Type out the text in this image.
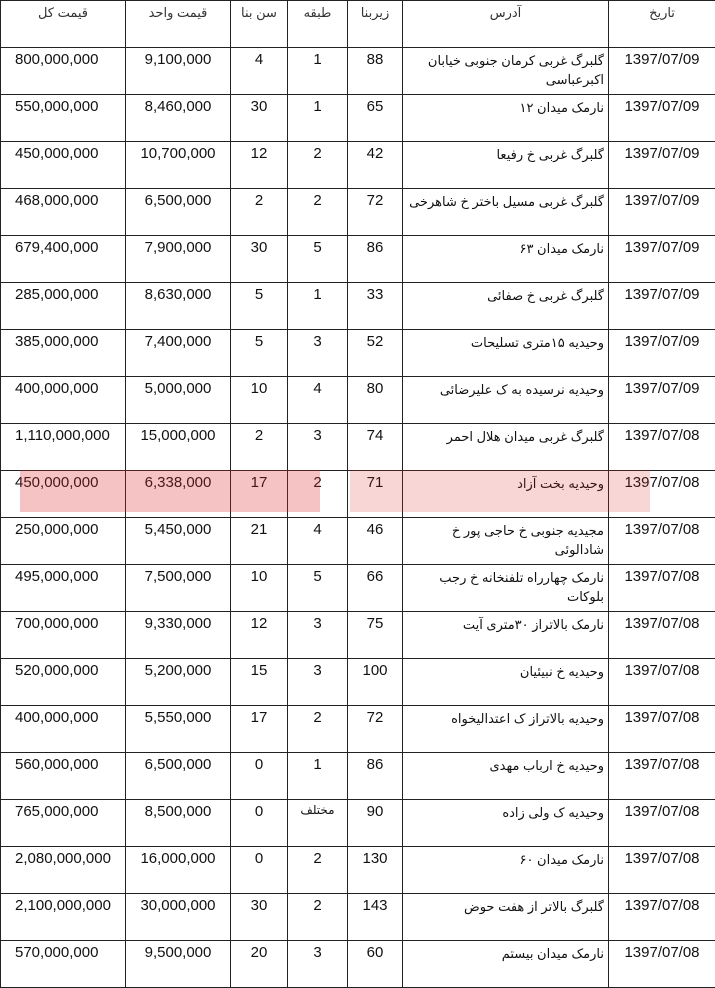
قیمت کل	قیمت واحد	سن بنا	طبقه	زیربنا	آدرس	تاریخ
800,000,000	9,100,000	4	1	88	گلبرگ غربی کرمان جنوبی خیابان اکبرعباسی	1397/07/09
550,000,000	8,460,000	30	1	65	نارمک میدان ۱۲	1397/07/09
450,000,000	10,700,000	12	2	42	گلبرگ غربی خ رفیعا	1397/07/09
468,000,000	6,500,000	2	2	72	گلبرگ غربی مسیل باختر خ شاهرخی	1397/07/09
679,400,000	7,900,000	30	5	86	نارمک میدان ۶۳	1397/07/09
285,000,000	8,630,000	5	1	33	گلبرگ غربی خ صفائی	1397/07/09
385,000,000	7,400,000	5	3	52	وحیدیه ۱۵متری تسلیحات	1397/07/09
400,000,000	5,000,000	10	4	80	وحیدیه نرسیده به ک علیرضائی	1397/07/09
1,110,000,000	15,000,000	2	3	74	گلبرگ غربی میدان هلال احمر	1397/07/08
450,000,000	6,338,000	17	2	71	وحیدیه بخت آزاد	1397/07/08
250,000,000	5,450,000	21	4	46	مجیدیه جنوبی خ حاجی پور خ شادالوئی	1397/07/08
495,000,000	7,500,000	10	5	66	نارمک چهارراه تلفنخانه خ رجب بلوکات	1397/07/08
700,000,000	9,330,000	12	3	75	نارمک بالاتراز ۳۰متری آیت	1397/07/08
520,000,000	5,200,000	15	3	100	وحیدیه خ نبیئیان	1397/07/08
400,000,000	5,550,000	17	2	72	وحیدیه بالاتراز ک اعتدالیخواه	1397/07/08
560,000,000	6,500,000	0	1	86	وحیدیه خ ارباب مهدی	1397/07/08
765,000,000	8,500,000	0	مختلف	90	وحیدیه ک ولی زاده	1397/07/08
2,080,000,000	16,000,000	0	2	130	نارمک میدان ۶۰	1397/07/08
2,100,000,000	30,000,000	30	2	143	گلبرگ بالاتر از هفت حوض	1397/07/08
570,000,000	9,500,000	20	3	60	نارمک میدان بیستم	1397/07/08
